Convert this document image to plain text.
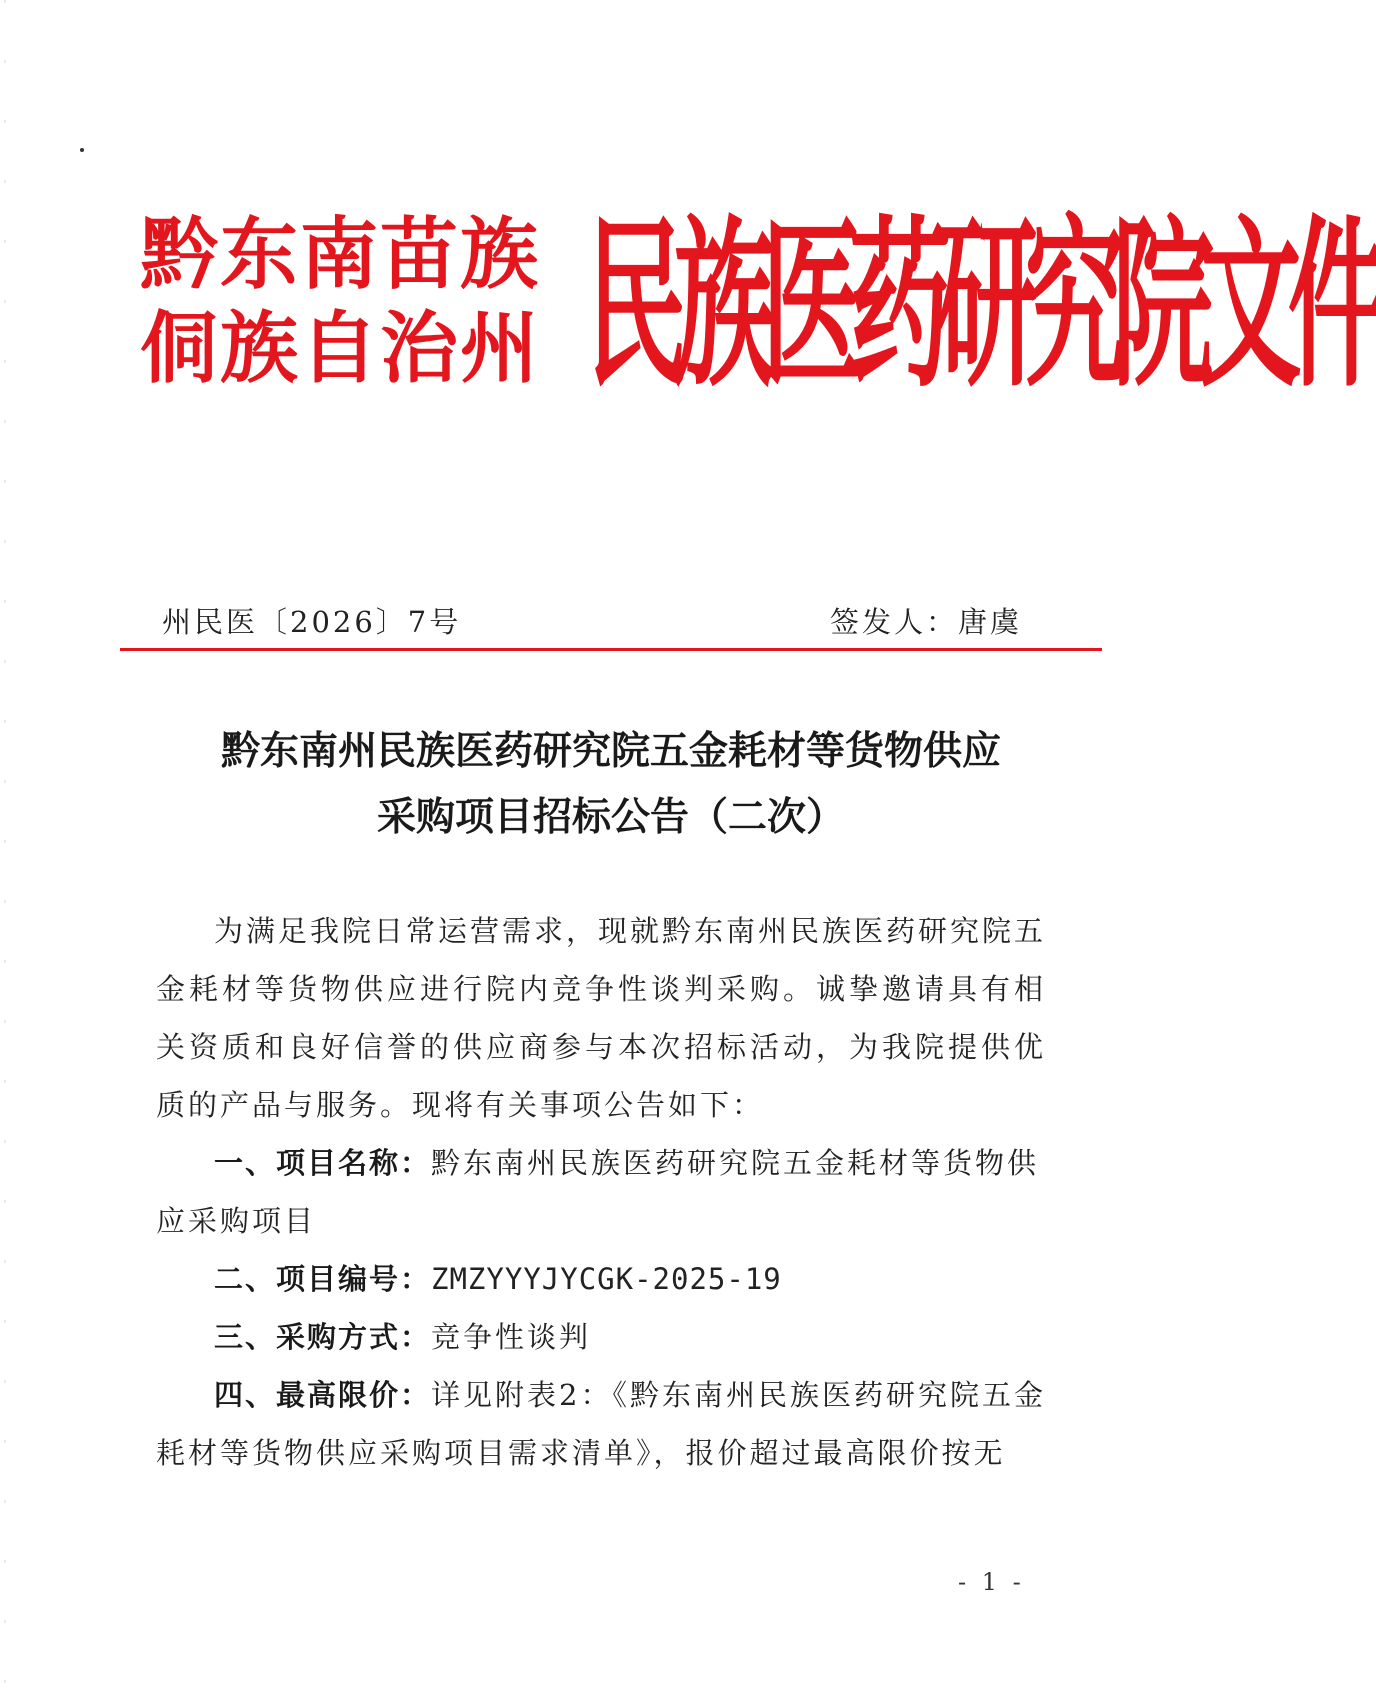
黔东南苗族
侗族自治州 民族医药研究院文件
州民医〔2026〕7号	签发人：唐虞
黔东南州民族医药研究院五金耗材等货物供应
采购项目招标公告（二次）

为满足我院日常运营需求，现就黔东南州民族医药研究院五金耗材等货物供应进行院内竞争性谈判采购。诚挚邀请具有相关资质和良好信誉的供应商参与本次招标活动，为我院提供优质的产品与服务。现将有关事项公告如下：

一、项目名称：黔东南州民族医药研究院五金耗材等货物供应采购项目

二、项目编号：ZMZYYYJYCGK-2025-19

三、采购方式：竞争性谈判

四、最高限价：详见附表2：《黔东南州民族医药研究院五金耗材等货物供应采购项目需求清单》，报价超过最高限价按无

- 1 -
